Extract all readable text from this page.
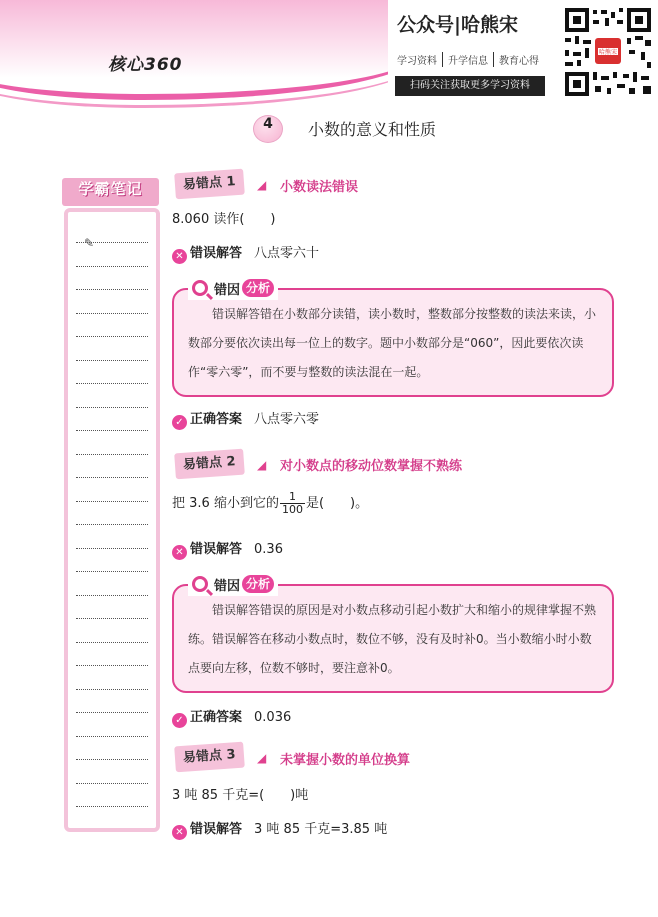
核心360
公众号|哈熊宋
学习资料	升学信息	教育心得
扫码关注获取更多学习资料
哈熊宋
4	小数的意义和性质
学霸笔记
✎
易错点 1	◢ 小数读法错误
8.060 读作(　　)
✕ 错误解答 八点零六十
错误解答错在小数部分读错，读小数时，整数部分按整数的读法来读，小数部分要依次读出每一位上的数字。题中小数部分是“060”，因此要依次读作“零六零”，而不要与整数的读法混在一起。
错因 分析
✓ 正确答案 八点零六零
易错点 2	◢ 对小数点的移动位数掌握不熟练
把 3.6 缩小到它的 $\frac{1}{100}$ 是(　　)。
✕ 错误解答 0.36
错误解答错误的原因是对小数点移动引起小数扩大和缩小的规律掌握不熟练。错误解答在移动小数点时，数位不够，没有及时补0。当小数缩小时小数点要向左移，位数不够时，要注意补0。
错因 分析
✓ 正确答案 0.036
易错点 3	◢ 未掌握小数的单位换算
3 吨 85 千克=(　　)吨
✕ 错误解答 3 吨 85 千克=3.85 吨
